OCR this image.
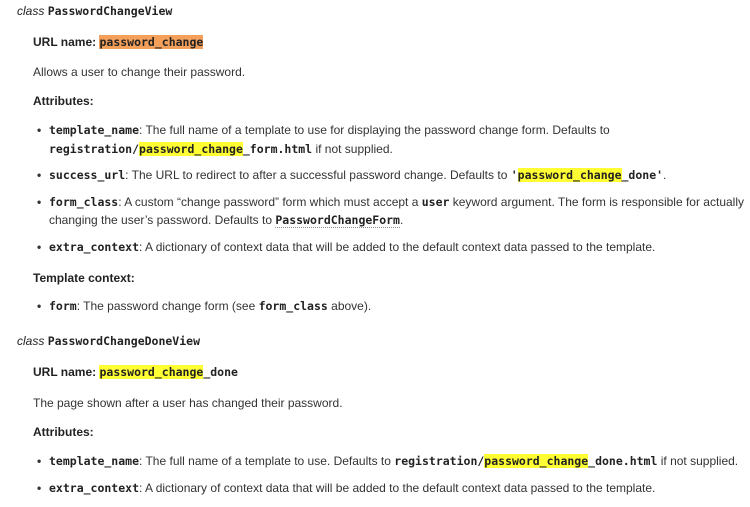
class PasswordChangeView
URL name: password_change
Allows a user to change their password.
Attributes:
• template_name: The full name of a template to use for displaying the password change form. Defaults to
registration/password_change_form.html if not supplied.
• success_url: The URL to redirect to after a successful password change. Defaults to 'password_change_done'.
• form_class: A custom “change password” form which must accept a user keyword argument. The form is responsible for actually
changing the user’s password. Defaults to PasswordChangeForm.
• extra_context: A dictionary of context data that will be added to the default context data passed to the template.
Template context:
• form: The password change form (see form_class above).
class PasswordChangeDoneView
URL name: password_change_done
The page shown after a user has changed their password.
Attributes:
• template_name: The full name of a template to use. Defaults to registration/password_change_done.html if not supplied.
• extra_context: A dictionary of context data that will be added to the default context data passed to the template.
